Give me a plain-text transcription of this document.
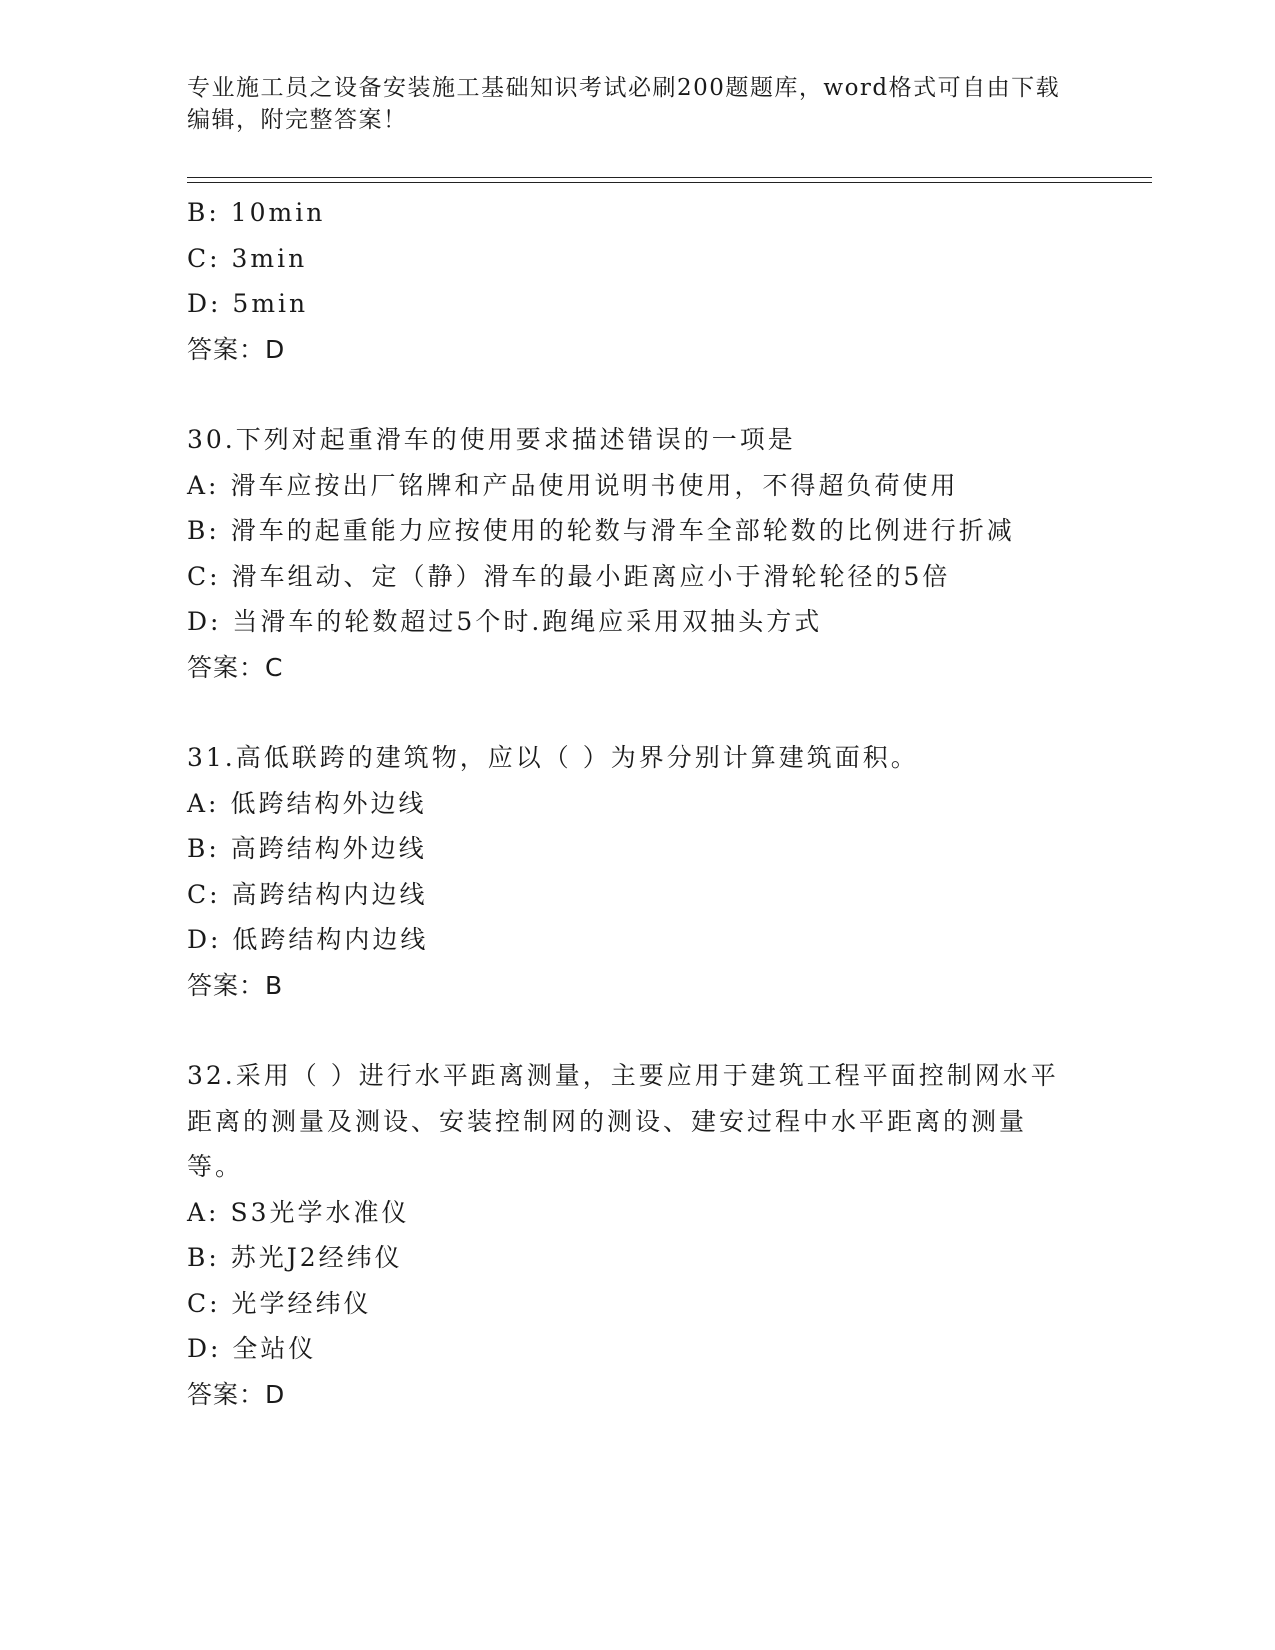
专业施工员之设备安装施工基础知识考试必刷200题题库，word格式可自由下载编辑，附完整答案！
B: 10min
C: 3min
D: 5min
答案：D
30.下列对起重滑车的使用要求描述错误的一项是
A: 滑车应按出厂铭牌和产品使用说明书使用，不得超负荷使用
B: 滑车的起重能力应按使用的轮数与滑车全部轮数的比例进行折减
C: 滑车组动、定（静）滑车的最小距离应小于滑轮轮径的5倍
D: 当滑车的轮数超过5个时.跑绳应采用双抽头方式
答案：C
31.高低联跨的建筑物，应以（ ）为界分别计算建筑面积。
A: 低跨结构外边线
B: 高跨结构外边线
C: 高跨结构内边线
D: 低跨结构内边线
答案：B
32.采用（ ）进行水平距离测量，主要应用于建筑工程平面控制网水平距离的测量及测设、安装控制网的测设、建安过程中水平距离的测量等。
A: S3光学水准仪
B: 苏光J2经纬仪
C: 光学经纬仪
D: 全站仪
答案：D
